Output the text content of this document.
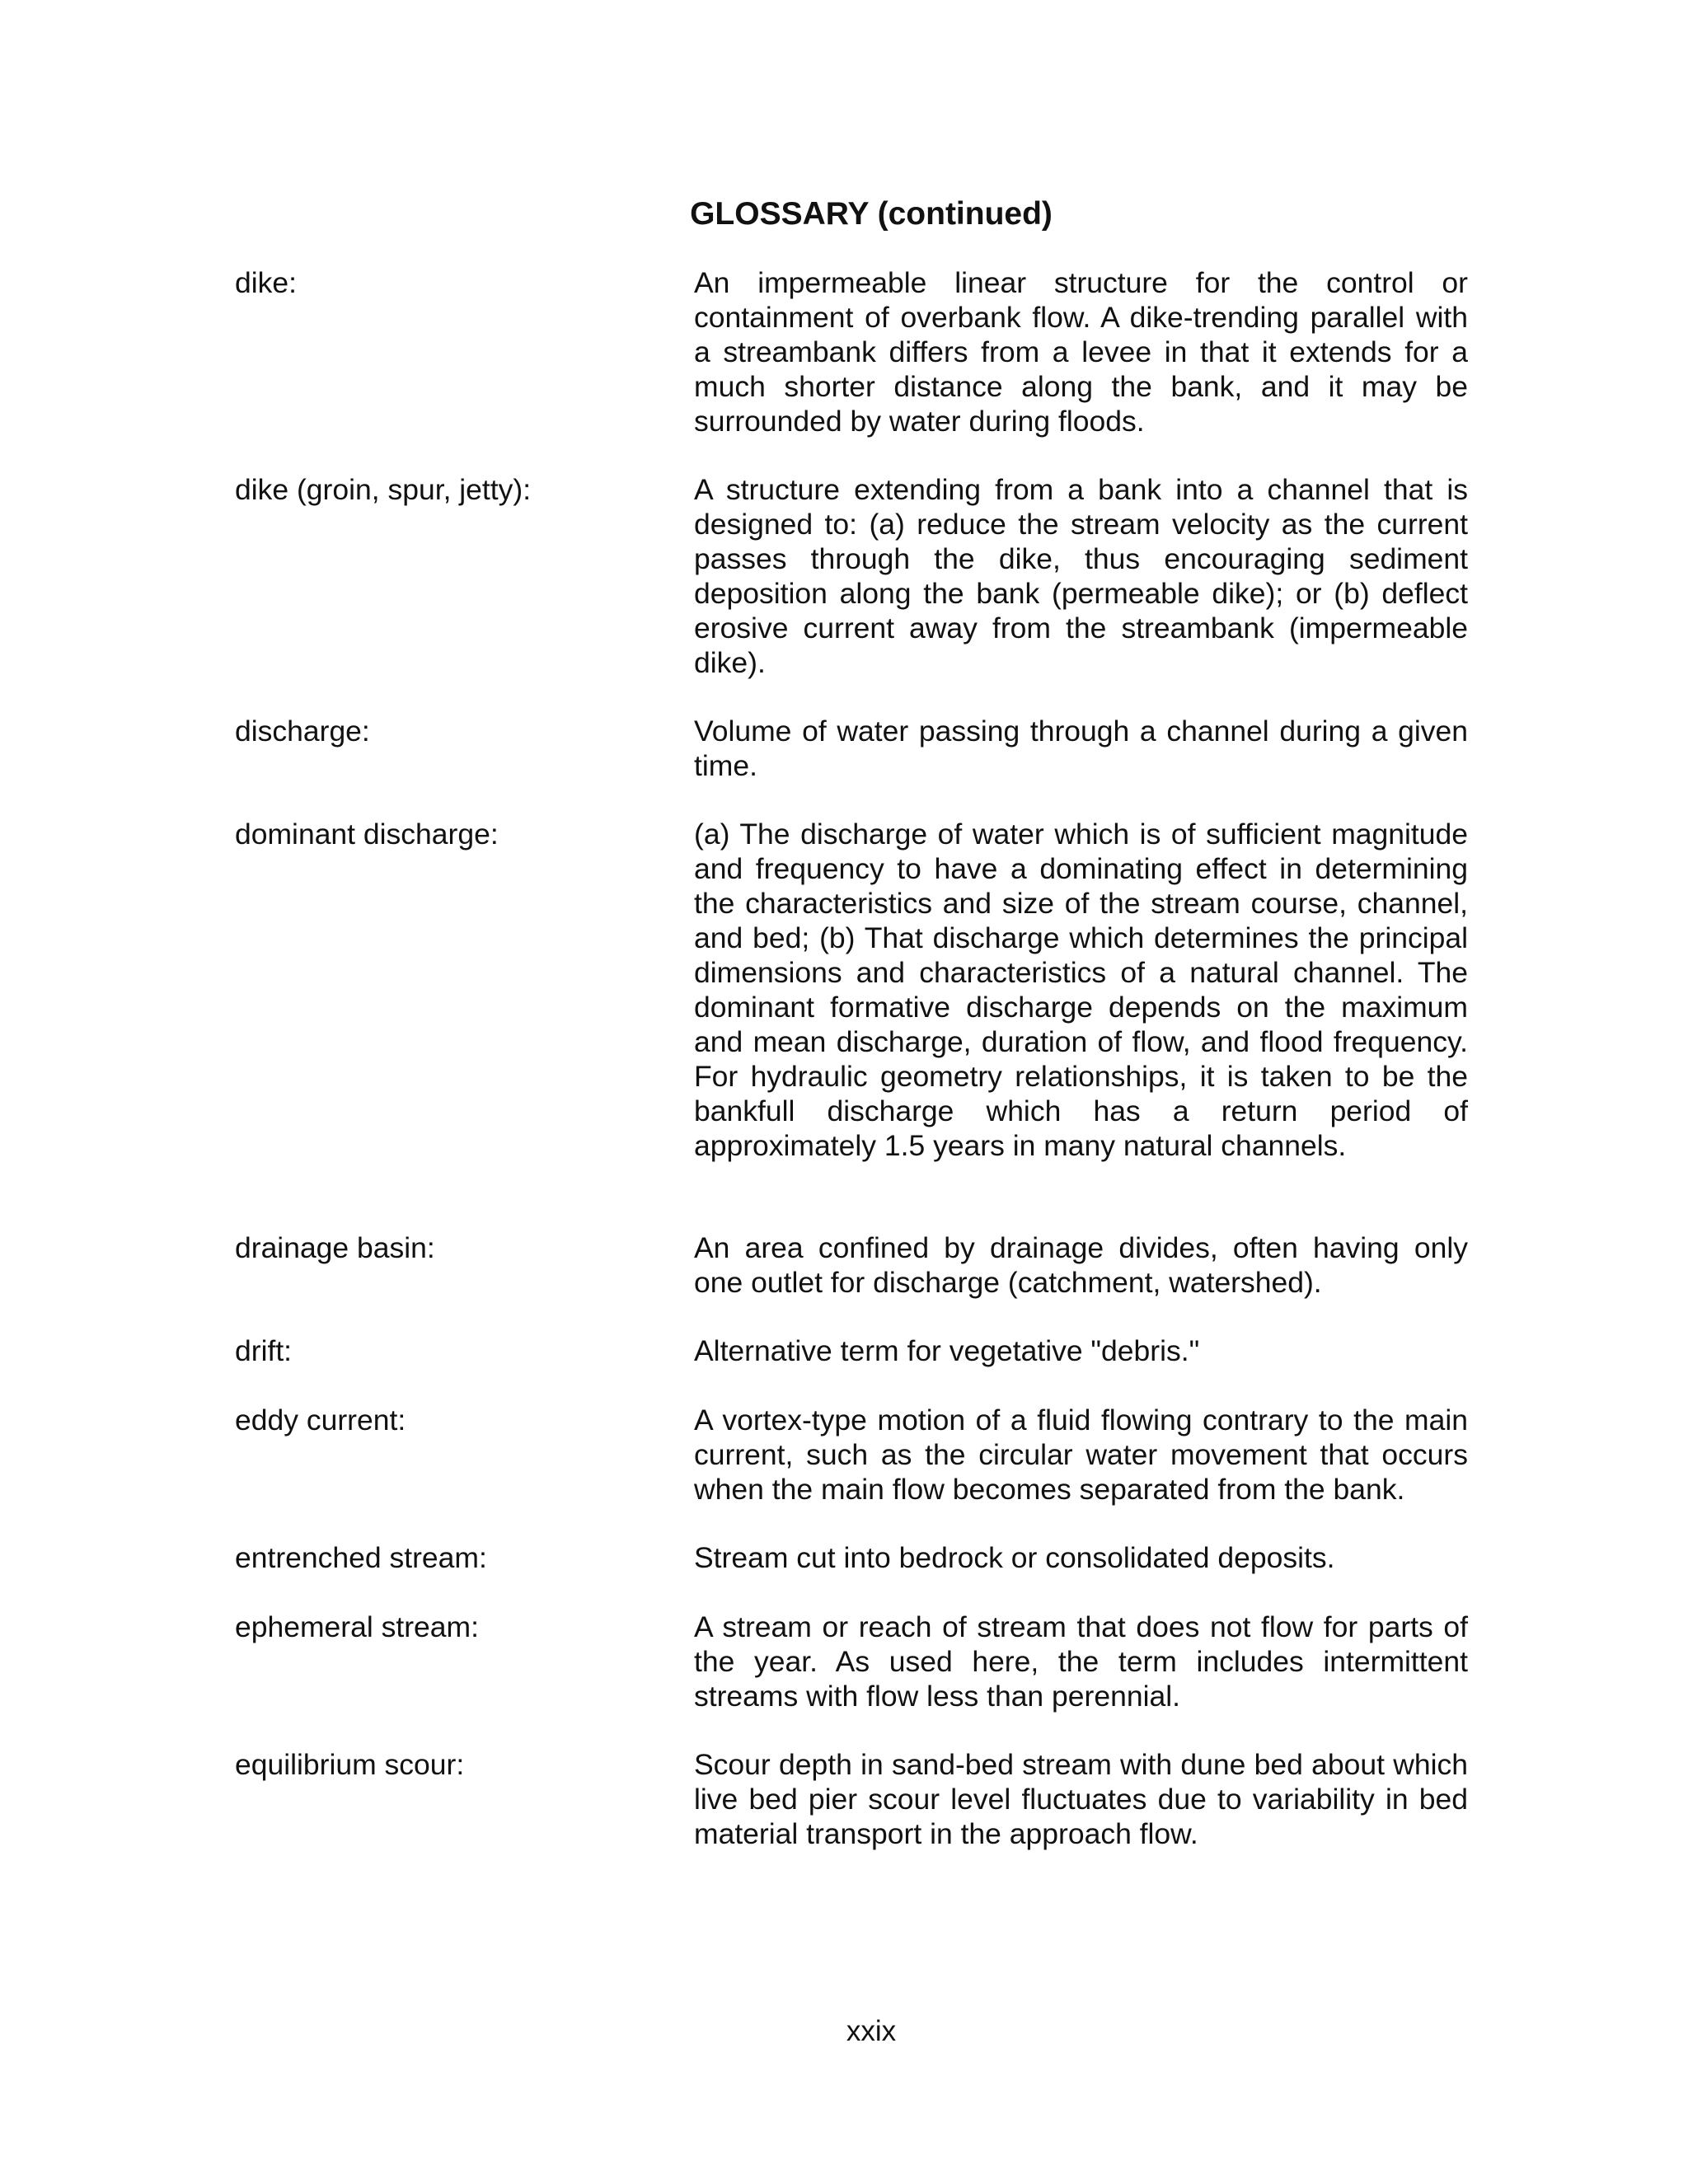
GLOSSARY (continued)
dike:	An impermeable linear structure for the control or containment of overbank flow. A dike-trending parallel with a streambank differs from a levee in that it extends for a much shorter distance along the bank, and it may be surrounded by water during floods.
dike (groin, spur, jetty):	A structure extending from a bank into a channel that is designed to: (a) reduce the stream velocity as the current passes through the dike, thus encouraging sediment deposition along the bank (permeable dike); or (b) deflect erosive current away from the streambank (impermeable dike).
discharge:	Volume of water passing through a channel during a given time.
dominant discharge:	(a) The discharge of water which is of sufficient magnitude and frequency to have a dominating effect in determining the characteristics and size of the stream course, channel, and bed; (b) That discharge which determines the principal dimensions and characteristics of a natural channel. The dominant formative discharge depends on the maximum and mean discharge, duration of flow, and flood frequency. For hydraulic geometry relationships, it is taken to be the bankfull discharge which has a return period of approximately 1.5 years in many natural channels.
drainage basin:	An area confined by drainage divides, often having only one outlet for discharge (catchment, watershed).
drift:	Alternative term for vegetative "debris."
eddy current:	A vortex-type motion of a fluid flowing contrary to the main current, such as the circular water movement that occurs when the main flow becomes separated from the bank.
entrenched stream:	Stream cut into bedrock or consolidated deposits.
ephemeral stream:	A stream or reach of stream that does not flow for parts of the year. As used here, the term includes intermittent streams with flow less than perennial.
equilibrium scour:	Scour depth in sand-bed stream with dune bed about which live bed pier scour level fluctuates due to variability in bed material transport in the approach flow.
xxix
